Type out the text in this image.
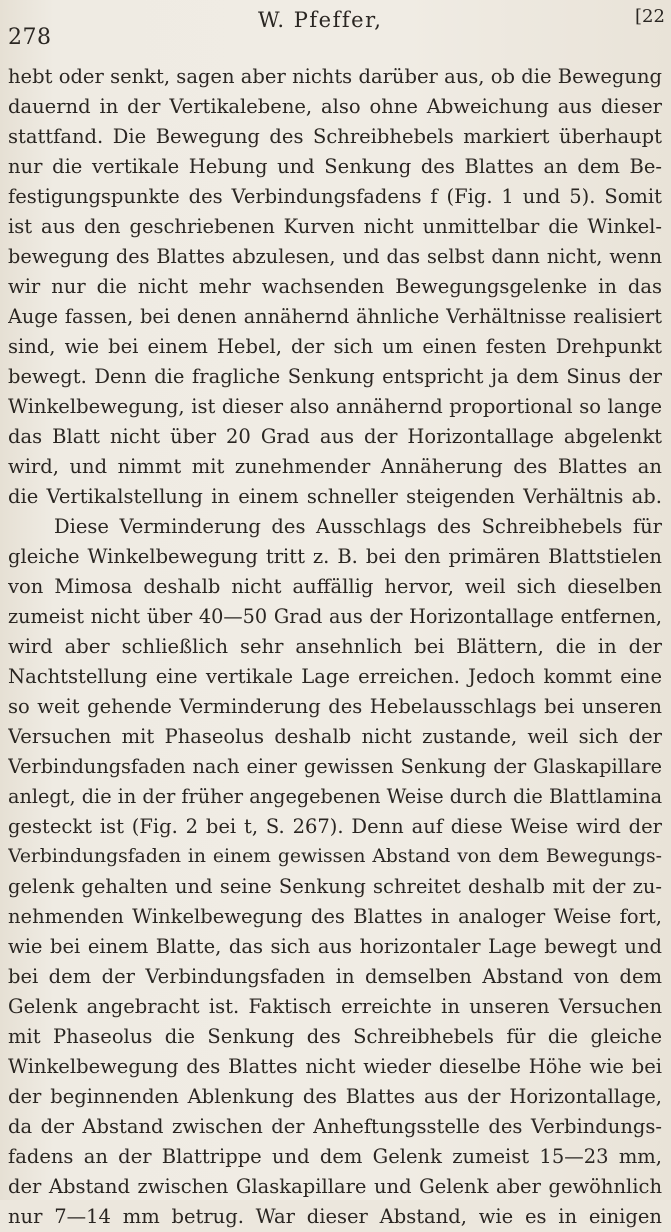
278
W. Pfeffer,	[22
hebt oder senkt, sagen aber nichts darüber aus, ob die Bewegung
dauernd in der Vertikalebene, also ohne Abweichung aus dieser
stattfand. Die Bewegung des Schreibhebels markiert überhaupt
nur die vertikale Hebung und Senkung des Blattes an dem Be-
festigungspunkte des Verbindungsfadens f (Fig. 1 und 5). Somit
ist aus den geschriebenen Kurven nicht unmittelbar die Winkel-
bewegung des Blattes abzulesen, und das selbst dann nicht, wenn
wir nur die nicht mehr wachsenden Bewegungsgelenke in das
Auge fassen, bei denen annähernd ähnliche Verhältnisse realisiert
sind, wie bei einem Hebel, der sich um einen festen Drehpunkt
bewegt. Denn die fragliche Senkung entspricht ja dem Sinus der
Winkelbewegung, ist dieser also annähernd proportional so lange
das Blatt nicht über 20 Grad aus der Horizontallage abgelenkt
wird, und nimmt mit zunehmender Annäherung des Blattes an
die Vertikalstellung in einem schneller steigenden Verhältnis ab.
Diese Verminderung des Ausschlags des Schreibhebels für
gleiche Winkelbewegung tritt z. B. bei den primären Blattstielen
von Mimosa deshalb nicht auffällig hervor, weil sich dieselben
zumeist nicht über 40—50 Grad aus der Horizontallage entfernen,
wird aber schließlich sehr ansehnlich bei Blättern, die in der
Nachtstellung eine vertikale Lage erreichen. Jedoch kommt eine
so weit gehende Verminderung des Hebelausschlags bei unseren
Versuchen mit Phaseolus deshalb nicht zustande, weil sich der
Verbindungsfaden nach einer gewissen Senkung der Glaskapillare
anlegt, die in der früher angegebenen Weise durch die Blattlamina
gesteckt ist (Fig. 2 bei t, S. 267). Denn auf diese Weise wird der
Verbindungsfaden in einem gewissen Abstand von dem Bewegungs-
gelenk gehalten und seine Senkung schreitet deshalb mit der zu-
nehmenden Winkelbewegung des Blattes in analoger Weise fort,
wie bei einem Blatte, das sich aus horizontaler Lage bewegt und
bei dem der Verbindungsfaden in demselben Abstand von dem
Gelenk angebracht ist. Faktisch erreichte in unseren Versuchen
mit Phaseolus die Senkung des Schreibhebels für die gleiche
Winkelbewegung des Blattes nicht wieder dieselbe Höhe wie bei
der beginnenden Ablenkung des Blattes aus der Horizontallage,
da der Abstand zwischen der Anheftungsstelle des Verbindungs-
fadens an der Blattrippe und dem Gelenk zumeist 15—23 mm,
der Abstand zwischen Glaskapillare und Gelenk aber gewöhnlich
nur 7—14 mm betrug. War dieser Abstand, wie es in einigen
